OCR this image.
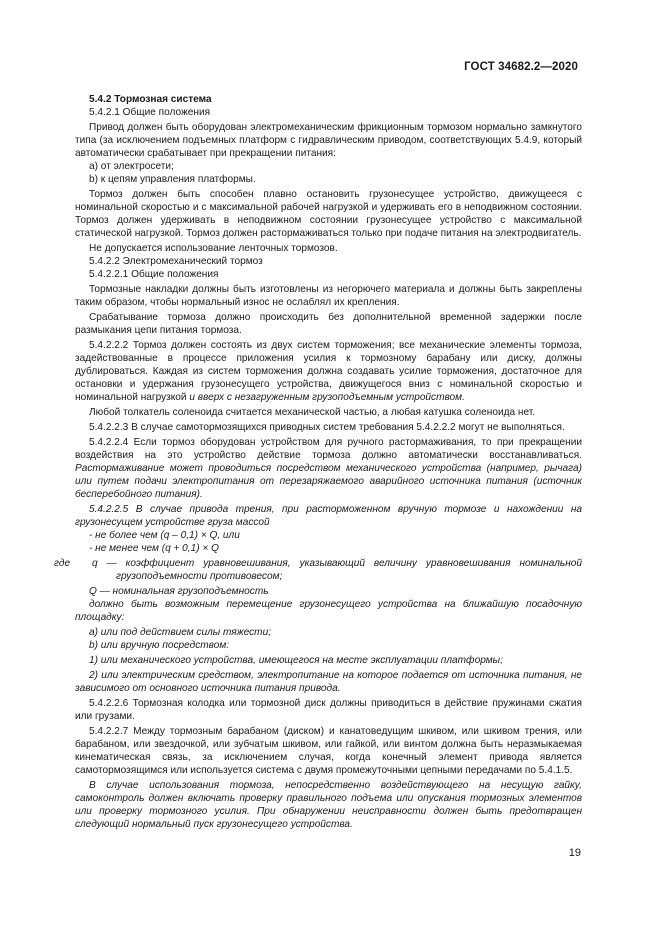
ГОСТ 34682.2—2020

5.4.2 Тормозная система

5.4.2.1 Общие положения

Привод должен быть оборудован электромеханическим фрикционным тормозом нормально замкнутого типа (за исключением подъемных платформ с гидравлическим приводом, соответствующих 5.4.9, который автоматически срабатывает при прекращении питания:

а) от электросети;

b) к цепям управления платформы.

Тормоз должен быть способен плавно остановить грузонесущее устройство, движущееся с номинальной скоростью и с максимальной рабочей нагрузкой и удерживать его в неподвижном состоянии. Тормоз должен удерживать в неподвижном состоянии грузонесущее устройство с максимальной статической нагрузкой. Тормоз должен растормаживаться только при подаче питания на электродвигатель.

Не допускается использование ленточных тормозов.

5.4.2.2 Электромеханический тормоз

5.4.2.2.1 Общие положения

Тормозные накладки должны быть изготовлены из негорючего материала и должны быть закреплены таким образом, чтобы нормальный износ не ослаблял их крепления.

Срабатывание тормоза должно происходить без дополнительной временной задержки после размыкания цепи питания тормоза.

5.4.2.2.2 Тормоз должен состоять из двух систем торможения; все механические элементы тормоза, задействованные в процессе приложения усилия к тормозному барабану или диску, должны дублироваться. Каждая из систем торможения должна создавать усилие торможения, достаточное для остановки и удержания грузонесущего устройства, движущегося вниз с номинальной скоростью и номинальной нагрузкой и вверх с незагруженным грузоподъемным устройством.

Любой толкатель соленоида считается механической частью, а любая катушка соленоида нет.

5.4.2.2.3 В случае самотормозящихся приводных систем требования 5.4.2.2.2 могут не выполняться.

5.4.2.2.4 Если тормоз оборудован устройством для ручного растормаживания, то при прекращении воздействия на это устройство действие тормоза должно автоматически восстанавливаться. Растормаживание может проводиться посредством механического устройства (например, рычага) или путем подачи электропитания от перезаряжаемого аварийного источника питания (источник бесперебойного питания).

5.4.2.2.5 В случае привода трения, при расторможенном вручную тормозе и нахождении на грузонесущем устройстве груза массой

- не более чем (q – 0,1) × Q, или

- не менее чем (q + 0,1) × Q

где	q — коэффициент уравновешивания, указывающий величину уравновешивания номинальной грузоподъемности противовесом;

Q — номинальная грузоподъемность

должно быть возможным перемещение грузонесущего устройства на ближайшую посадочную площадку:

a) или под действием силы тяжести;

b) или вручную посредством:

1) или механического устройства, имеющегося на месте эксплуатации платформы;

2) или электрическим средством, электропитание на которое подается от источника питания, не зависимого от основного источника питания привода.

5.4.2.2.6 Тормозная колодка или тормозной диск должны приводиться в действие пружинами сжатия или грузами.

5.4.2.2.7 Между тормозным барабаном (диском) и канатоведущим шкивом, или шкивом трения, или барабаном, или звездочкой, или зубчатым шкивом, или гайкой, или винтом должна быть неразмыкаемая кинематическая связь, за исключением случая, когда конечный элемент привода является самотормозящимся или используется система с двумя промежуточными цепными передачами по 5.4.1.5.

В случае использования тормоза, непосредственно воздействующего на несущую гайку, самоконтроль должен включать проверку правильного подъема или опускания тормозных элементов или проверку тормозного усилия. При обнаружении неисправности должен быть предотвращен следующий нормальный пуск грузонесущего устройства.

19
